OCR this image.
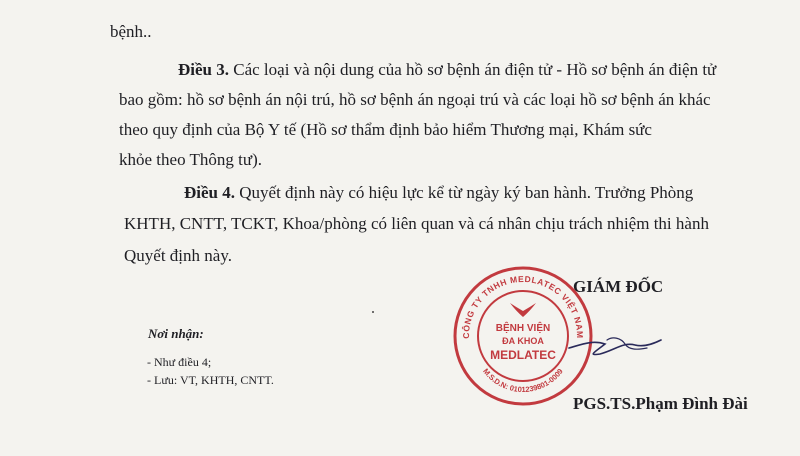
bệnh..
Điều 3. Các loại và nội dung của hồ sơ bệnh án điện tử - Hồ sơ bệnh án điện tử
bao gồm: hồ sơ bệnh án nội trú, hồ sơ bệnh án ngoại trú và các loại hồ sơ bệnh án khác
theo quy định của Bộ Y tế (Hồ sơ thẩm định bảo hiểm Thương mại, Khám sức
khỏe theo Thông tư).
Điều 4. Quyết định này có hiệu lực kể từ ngày ký ban hành. Trưởng Phòng
KHTH, CNTT, TCKT, Khoa/phòng có liên quan và cá nhân chịu trách nhiệm thi hành
Quyết định này.
GIÁM ĐỐC
Nơi nhận:
- Như điều 4;
- Lưu: VT, KHTH, CNTT.
CÔNG TY TNHH MEDLATEC VIỆT NAM
M.S.D.N: 0101239801-0009
BỆNH VIỆN
ĐA KHOA
MEDLATEC
PGS.TS.Phạm Đình Đài
